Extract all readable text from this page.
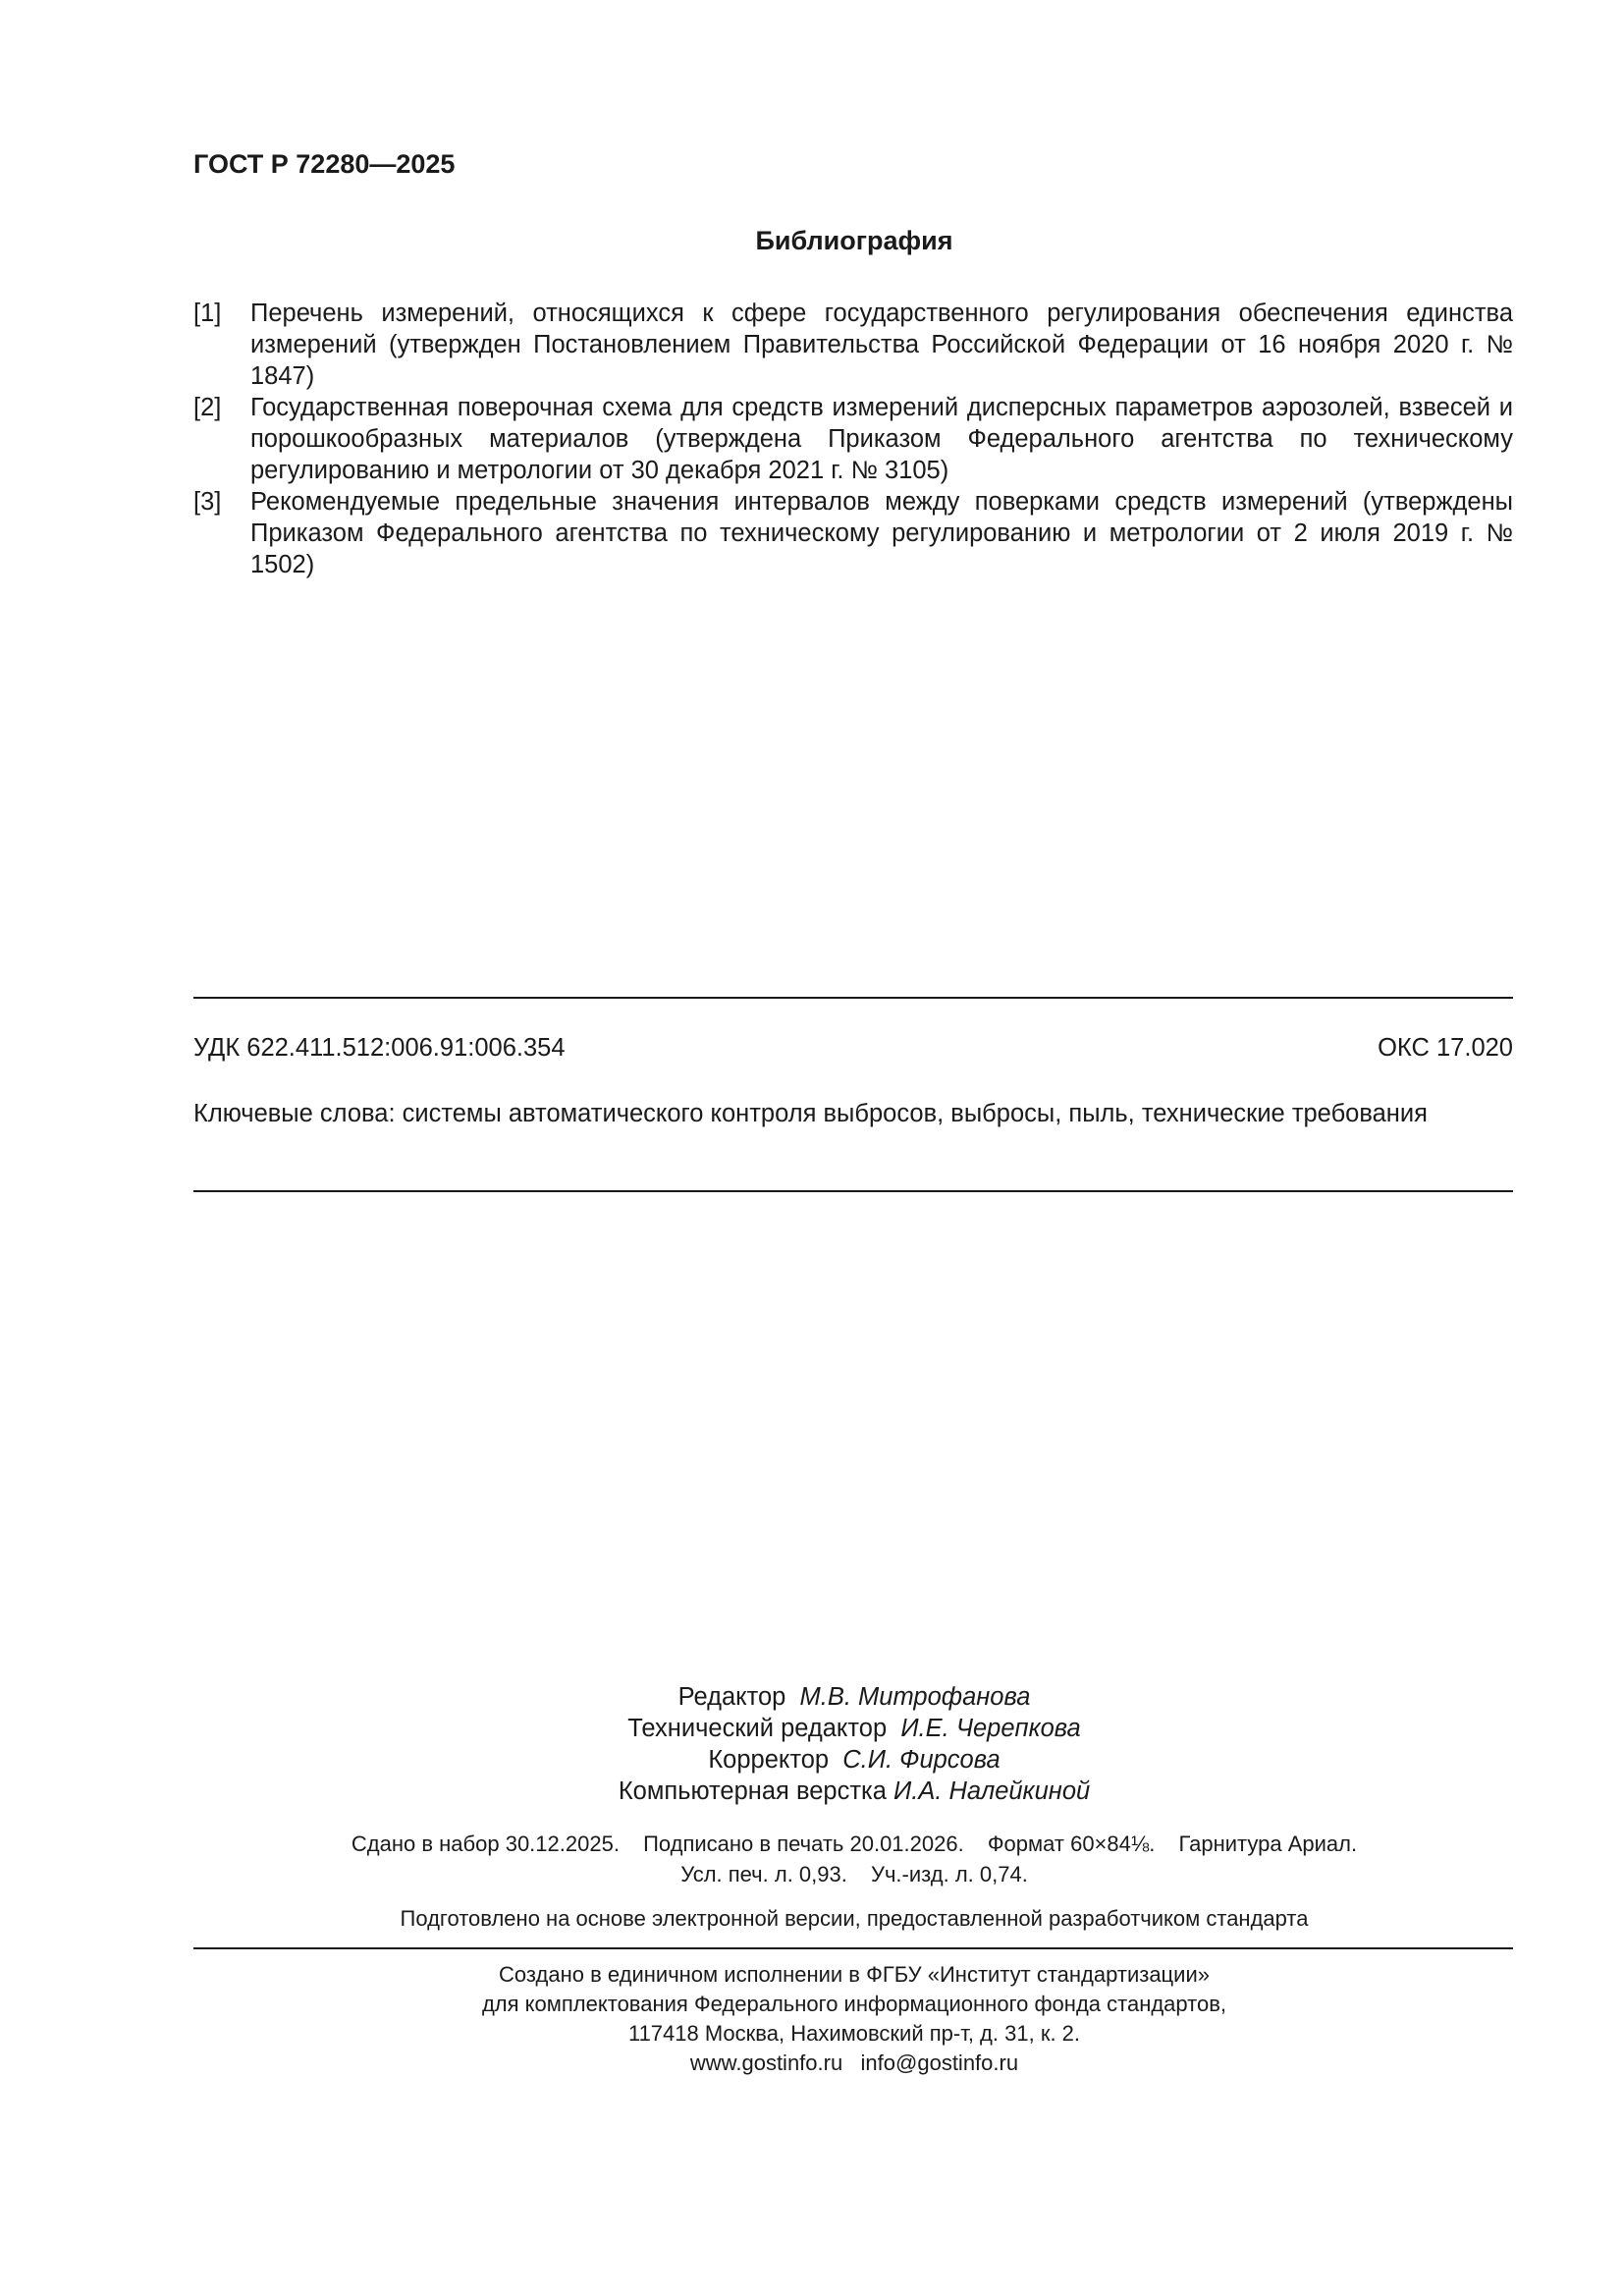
ГОСТ Р 72280—2025
Библиография
[1]	Перечень измерений, относящихся к сфере государственного регулирования обеспечения единства измерений (утвержден Постановлением Правительства Российской Федерации от 16 ноября 2020 г. № 1847)
[2]	Государственная поверочная схема для средств измерений дисперсных параметров аэрозолей, взвесей и порошкообразных материалов (утверждена Приказом Федерального агентства по техническому регулированию и метрологии от 30 декабря 2021 г. № 3105)
[3]	Рекомендуемые предельные значения интервалов между поверками средств измерений (утверждены Приказом Федерального агентства по техническому регулированию и метрологии от 2 июля 2019 г. № 1502)
УДК 622.411.512:006.91:006.354	ОКС 17.020
Ключевые слова: системы автоматического контроля выбросов, выбросы, пыль, технические требования
Редактор М.В. Митрофанова
Технический редактор И.Е. Черепкова
Корректор С.И. Фирсова
Компьютерная верстка И.А. Налейкиной
Сдано в набор 30.12.2025. Подписано в печать 20.01.2026. Формат 60×84⅛. Гарнитура Ариал.
Усл. печ. л. 0,93. Уч.-изд. л. 0,74.
Подготовлено на основе электронной версии, предоставленной разработчиком стандарта
Создано в единичном исполнении в ФГБУ «Институт стандартизации»
для комплектования Федерального информационного фонда стандартов,
117418 Москва, Нахимовский пр-т, д. 31, к. 2.
www.gostinfo.ru info@gostinfo.ru
